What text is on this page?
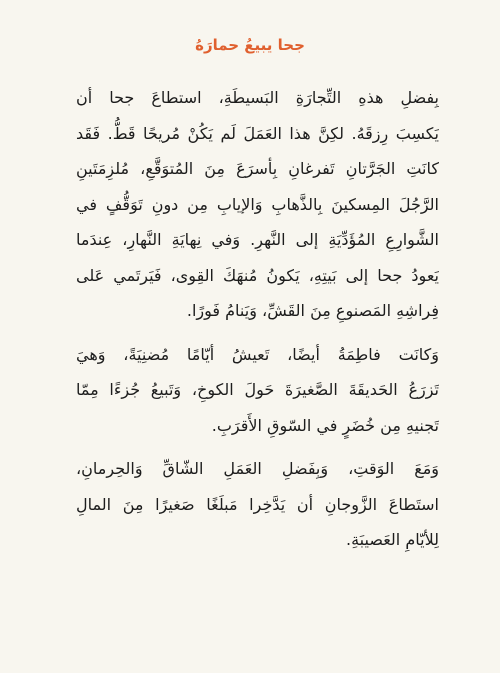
جحا يبيعُ حمارَهُ
بِفضلِ هذهِ التِّجارَةِ البَسيطَةِ، استطاعَ جحا أن
يَكسِبَ رِزقَهُ. لكِنَّ هذا العَمَلَ لَم يَكُنْ مُريحًا قَطُّ. فَقَد
كانَتِ الجَرَّتانِ تَفرغانِ بِأسرَعَ مِنَ المُتوَقَّعِ، مُلزِمَتَينِ
الرَّجُلَ المِسكينَ بِالذَّهابِ وَالإيابِ مِن دونِ تَوَقُّفٍ في
الشَّوارِعِ المُؤَدِّيَةِ إلى النَّهرِ. وَفي نِهايَةِ النَّهارِ، عِندَما
يَعودُ جحا إلى بَيتِهِ، يَكونُ مُنهَكَ القِوى، فَيَرتَمي عَلى
فِراشِهِ المَصنوعِ مِنَ القَشِّ، وَيَنامُ فَورًا.
وَكانَت فاطِمَةُ أيضًا، تَعيشُ أيّامًا مُضنِيَةً، وَهيَ
تَزرَعُ الحَديقَةَ الصَّغيرَةَ حَولَ الكوخِ، وَتَبيعُ جُزءًا مِمّا
تَجنيهِ مِن خُضَرٍ في السّوقِ الأَقرَبِ.
وَمَعَ الوَقتِ، وَبِفَضلِ العَمَلِ الشّاقِّ وَالحِرمانِ،
استَطاعَ الزَّوجانِ أن يَدَّخِرا مَبلَغًا صَغيرًا مِنَ المالِ
لِلأيّامِ العَصيبَةِ.
